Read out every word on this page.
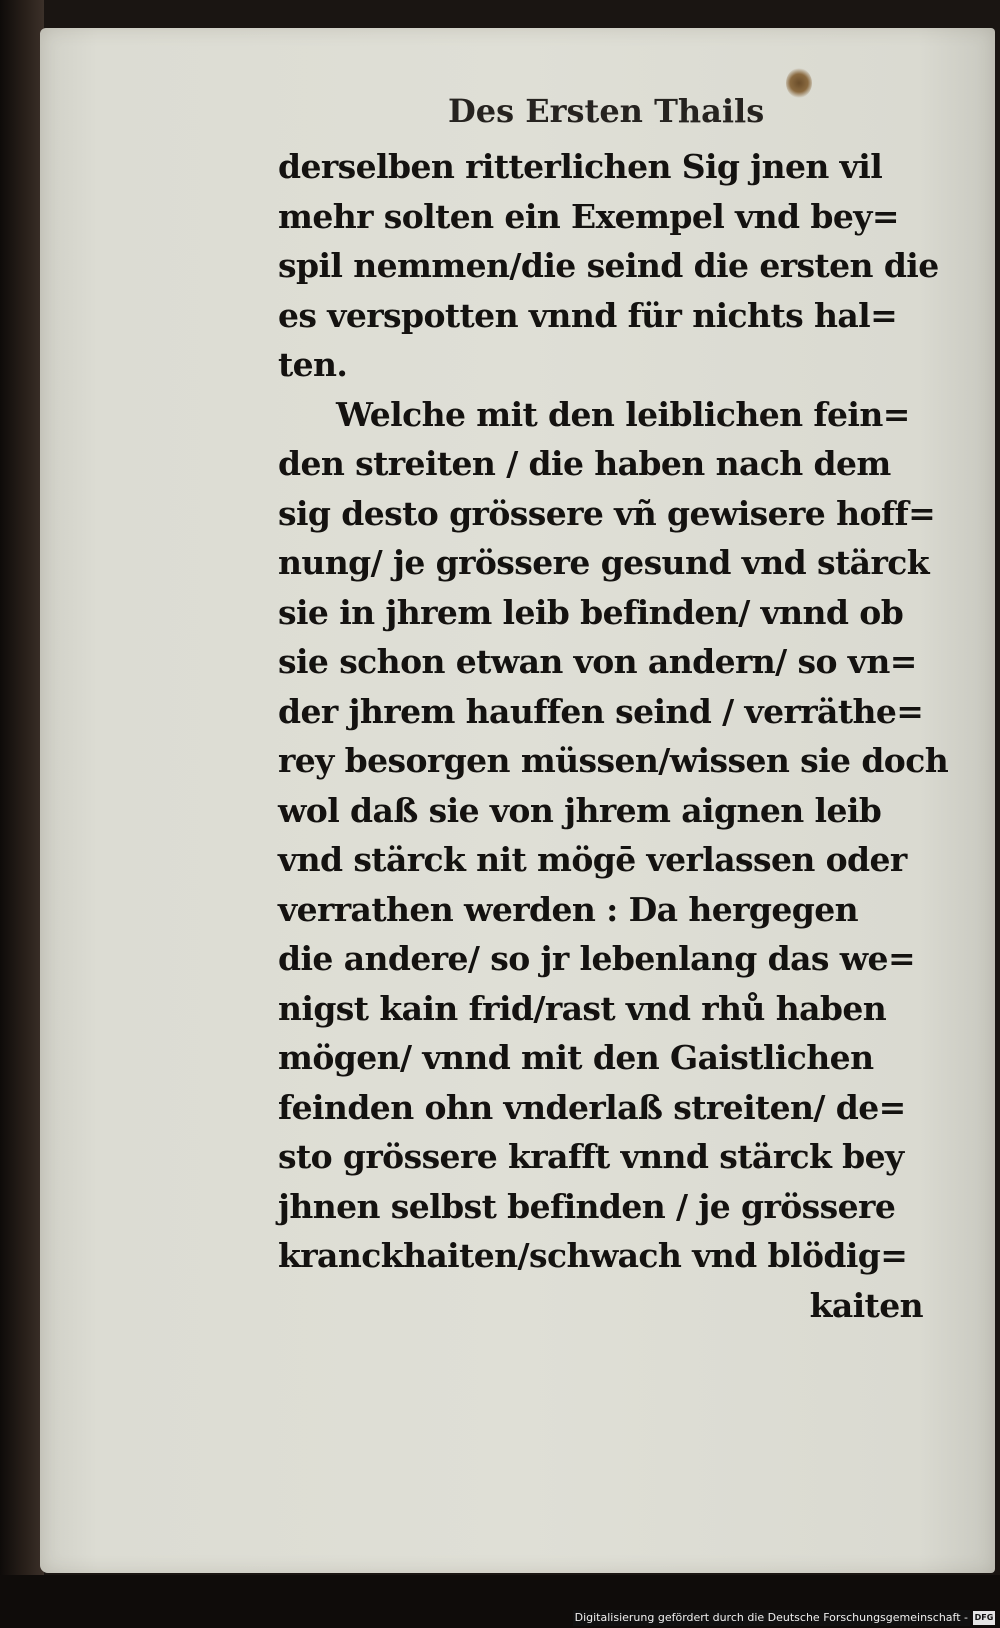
Des Ersten Thails
derselben ritterlichen Sig jnen vil
mehr solten ein Exempel vnd bey=
spil nemmen/die seind die ersten die
es verspotten vnnd für nichts hal=
ten.
Welche mit den leiblichen fein=
den streiten / die haben nach dem
sig desto grössere vñ gewisere hoff=
nung/ je grössere gesund vnd stärck
sie in jhrem leib befinden/ vnnd ob
sie schon etwan von andern/ so vn=
der jhrem hauffen seind / verräthe=
rey besorgen müssen/wissen sie doch
wol daß sie von jhrem aignen leib
vnd stärck nit mögē verlassen oder
verrathen werden : Da hergegen
die andere/ so jr lebenlang das we=
nigst kain frid/rast vnd rhů haben
mögen/ vnnd mit den Gaistlichen
feinden ohn vnderlaß streiten/ de=
sto grössere krafft vnnd stärck bey
jhnen selbst befinden / je grössere
kranckhaiten/schwach vnd blödig=
kaiten
Digitalisierung gefördert durch die Deutsche Forschungsgemeinschaft - DFG
